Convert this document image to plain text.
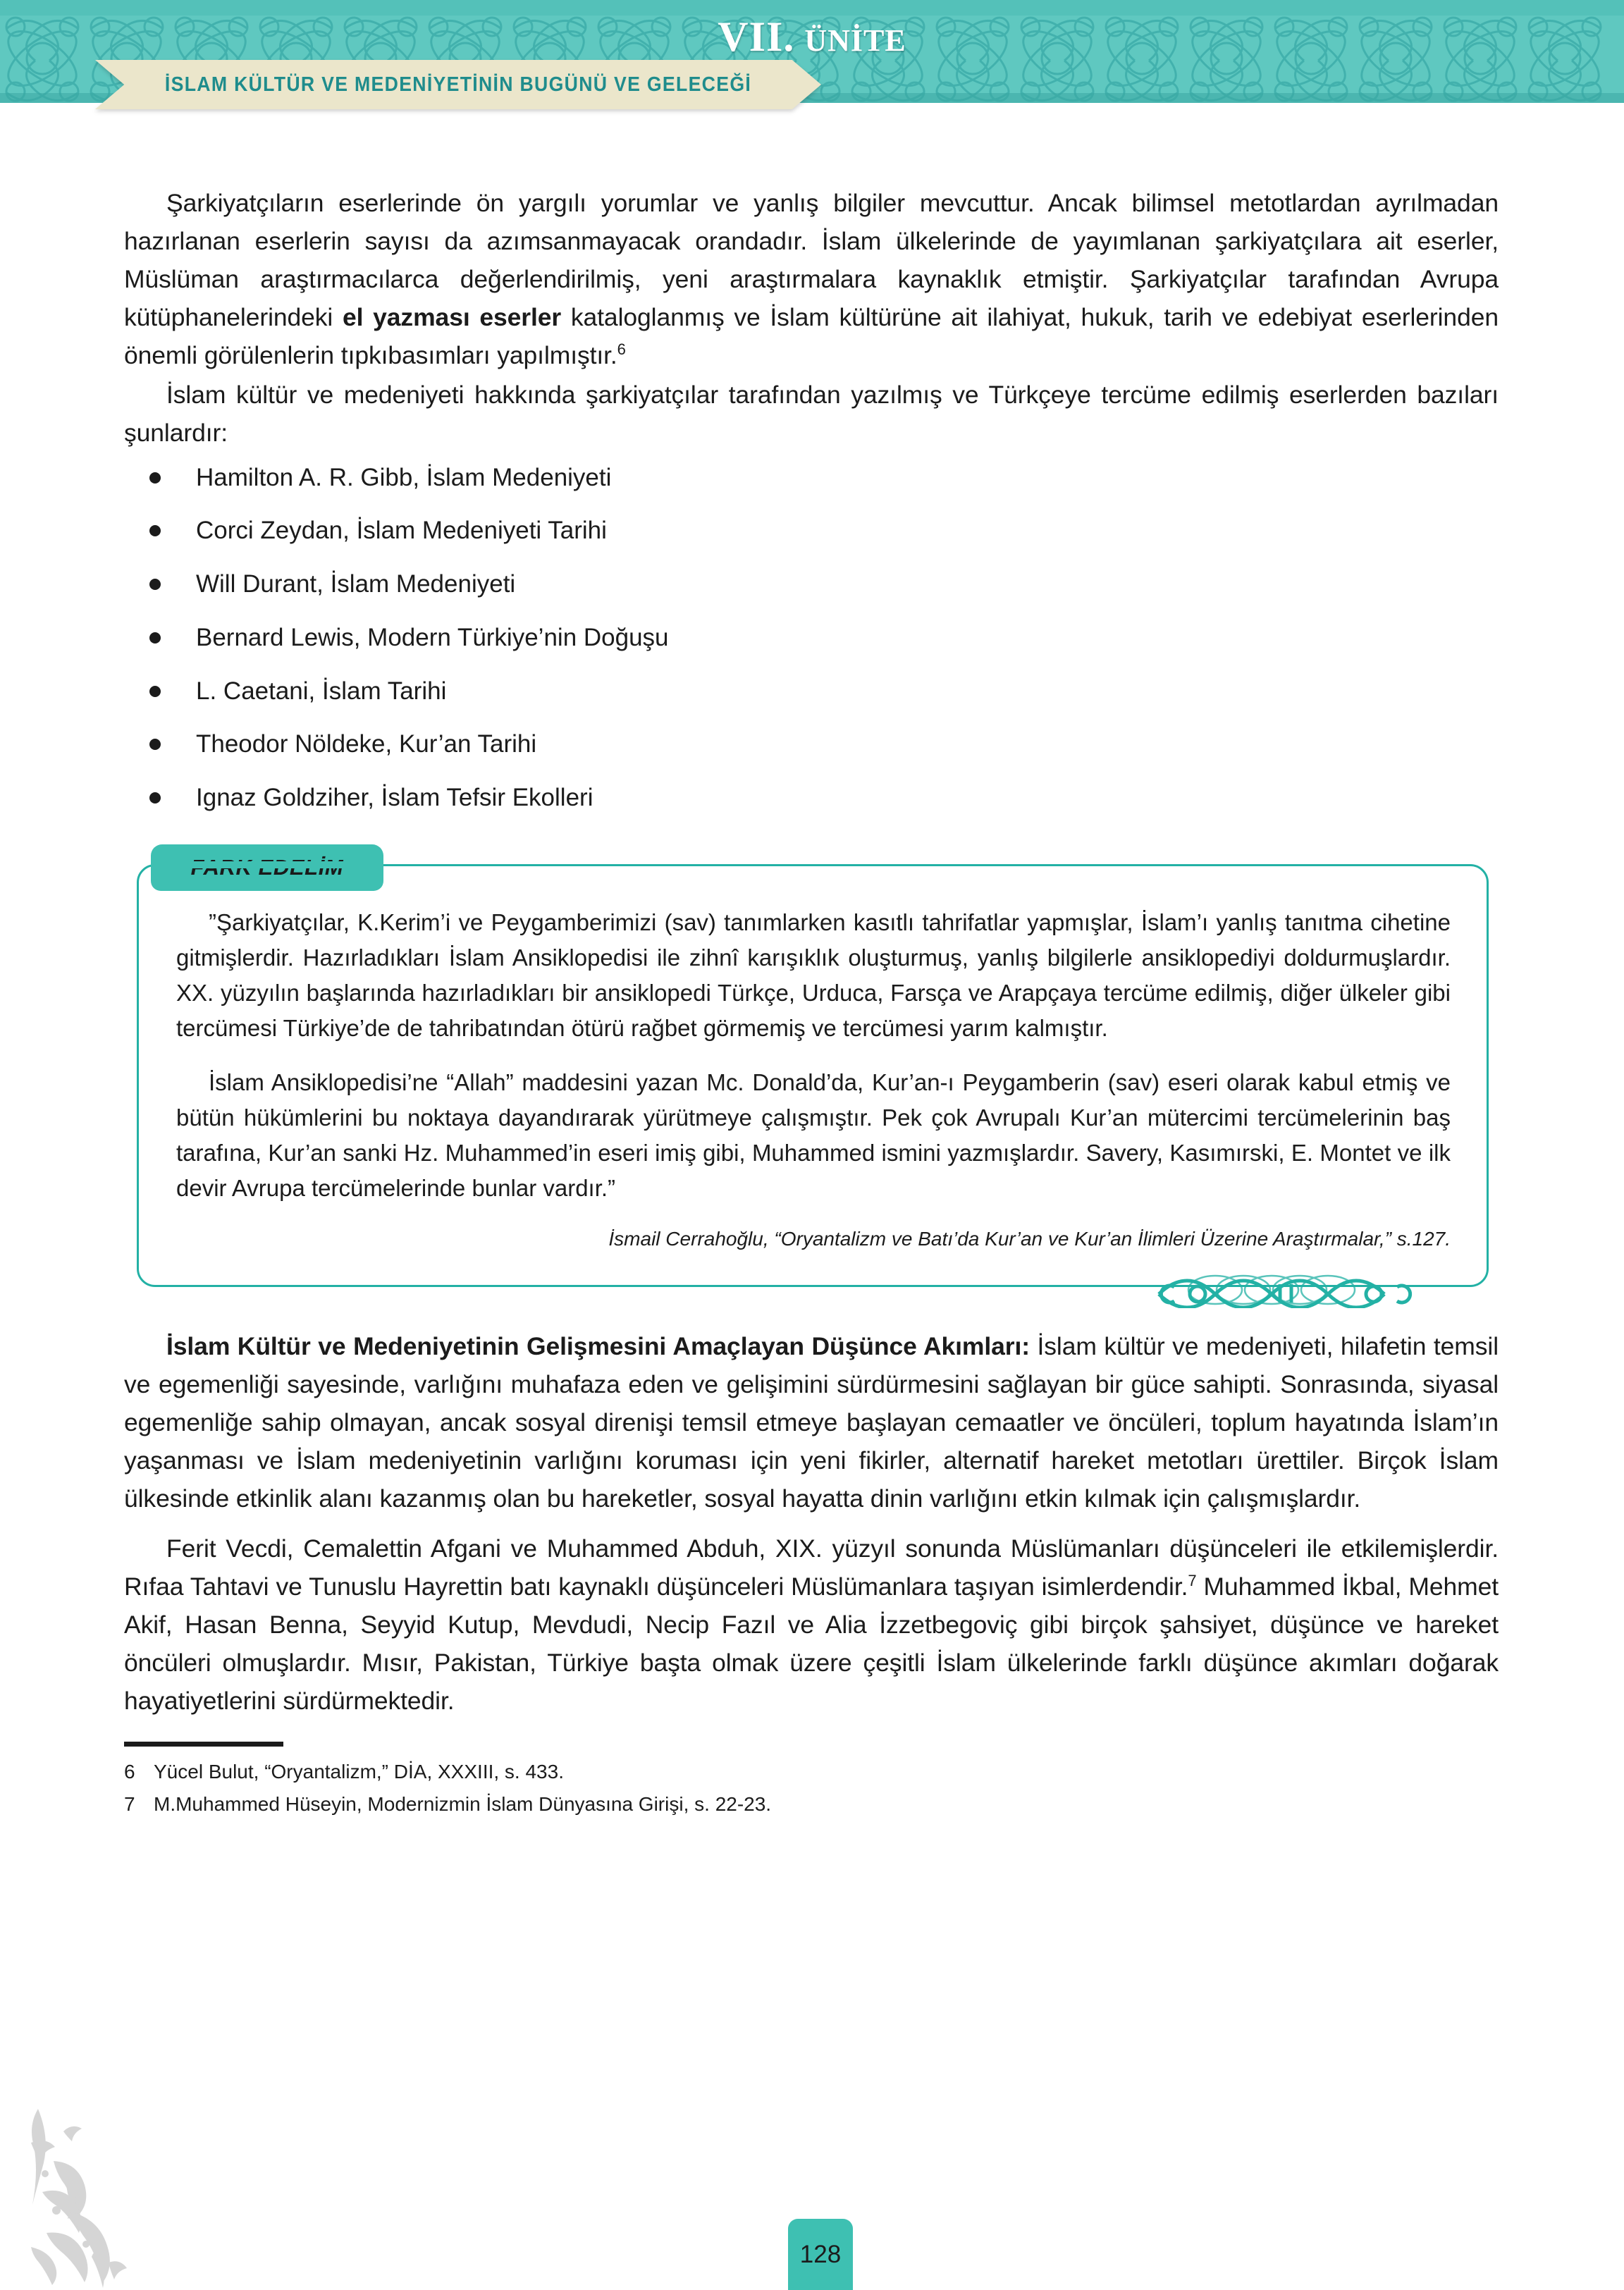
VII. ÜNİTE
İSLAM KÜLTÜR VE MEDENİYETİNİN BUGÜNÜ VE GELECEĞİ

Şarkiyatçıların eserlerinde ön yargılı yorumlar ve yanlış bilgiler mevcuttur. Ancak bilimsel metotlardan ayrılmadan hazırlanan eserlerin sayısı da azımsanmayacak orandadır. İslam ülkelerinde de yayımlanan şarkiyatçılara ait eserler, Müslüman araştırmacılarca değerlendirilmiş, yeni araştırmalara kaynaklık etmiştir. Şarkiyatçılar tarafından Avrupa kütüphanelerindeki el yazması eserler kataloglanmış ve İslam kültürüne ait ilahiyat, hukuk, tarih ve edebiyat eserlerinden önemli görülenlerin tıpkıbasımları yapılmıştır.$^6$

İslam kültür ve medeniyeti hakkında şarkiyatçılar tarafından yazılmış ve Türkçeye tercüme edilmiş eserlerden bazıları şunlardır:

Hamilton A. R. Gibb, İslam Medeniyeti
Corci Zeydan, İslam Medeniyeti Tarihi
Will Durant, İslam Medeniyeti
Bernard Lewis, Modern Türkiye’nin Doğuşu
L. Caetani, İslam Tarihi
Theodor Nöldeke, Kur’an Tarihi
Ignaz Goldziher, İslam Tefsir Ekolleri

”Şarkiyatçılar, K.Kerim’i ve Peygamberimizi (sav) tanımlarken kasıtlı tahrifatlar yapmışlar, İslam’ı yanlış tanıtma cihetine gitmişlerdir. Hazırladıkları İslam Ansiklopedisi ile zihnî karışıklık oluşturmuş, yanlış bilgilerle ansiklopediyi doldurmuşlardır. XX. yüzyılın başlarında hazırladıkları bir ansiklopedi Türkçe, Urduca, Farsça ve Arapçaya tercüme edilmiş, diğer ülkeler gibi tercümesi Türkiye’de de tahribatından ötürü rağbet görmemiş ve tercümesi yarım kalmıştır.

İslam Ansiklopedisi’ne “Allah” maddesini yazan Mc. Donald’da, Kur’an-ı Peygamberin (sav) eseri olarak kabul etmiş ve bütün hükümlerini bu noktaya dayandırarak yürütmeye çalışmıştır. Pek çok Avrupalı Kur’an mütercimi tercümelerinin baş tarafına, Kur’an sanki Hz. Muhammed’in eseri imiş gibi, Muhammed ismini yazmışlardır. Savery, Kasımırski, E. Montet ve ilk devir Avrupa tercümelerinde bunlar vardır.”

İsmail Cerrahoğlu, “Oryantalizm ve Batı’da Kur’an ve Kur’an İlimleri Üzerine Araştırmalar,” s.127.

İslam Kültür ve Medeniyetinin Gelişmesini Amaçlayan Düşünce Akımları: İslam kültür ve medeniyeti, hilafetin temsil ve egemenliği sayesinde, varlığını muhafaza eden ve gelişimini sürdürmesini sağlayan bir güce sahipti. Sonrasında, siyasal egemenliğe sahip olmayan, ancak sosyal direnişi temsil etmeye başlayan cemaatler ve öncüleri, toplum hayatında İslam’ın yaşanması ve İslam medeniyetinin varlığını koruması için yeni fikirler, alternatif hareket metotları ürettiler. Birçok İslam ülkesinde etkinlik alanı kazanmış olan bu hareketler, sosyal hayatta dinin varlığını etkin kılmak için çalışmışlardır.

Ferit Vecdi, Cemalettin Afgani ve Muhammed Abduh, XIX. yüzyıl sonunda Müslümanları düşünceleri ile etkilemişlerdir. Rıfaa Tahtavi ve Tunuslu Hayrettin batı kaynaklı düşünceleri Müslümanlara taşıyan isimlerdendir.$^7$ Muhammed İkbal, Mehmet Akif, Hasan Benna, Seyyid Kutup, Mevdudi, Necip Fazıl ve Alia İzzetbegoviç gibi birçok şahsiyet, düşünce ve hareket öncüleri olmuşlardır. Mısır, Pakistan, Türkiye başta olmak üzere çeşitli İslam ülkelerinde farklı düşünce akımları doğarak hayatiyetlerini sürdürmektedir.

6 Yücel Bulut, “Oryantalizm,” DİA, XXXIII, s. 433.

7 M.Muhammed Hüseyin, Modernizmin İslam Dünyasına Girişi, s. 22-23.

128
